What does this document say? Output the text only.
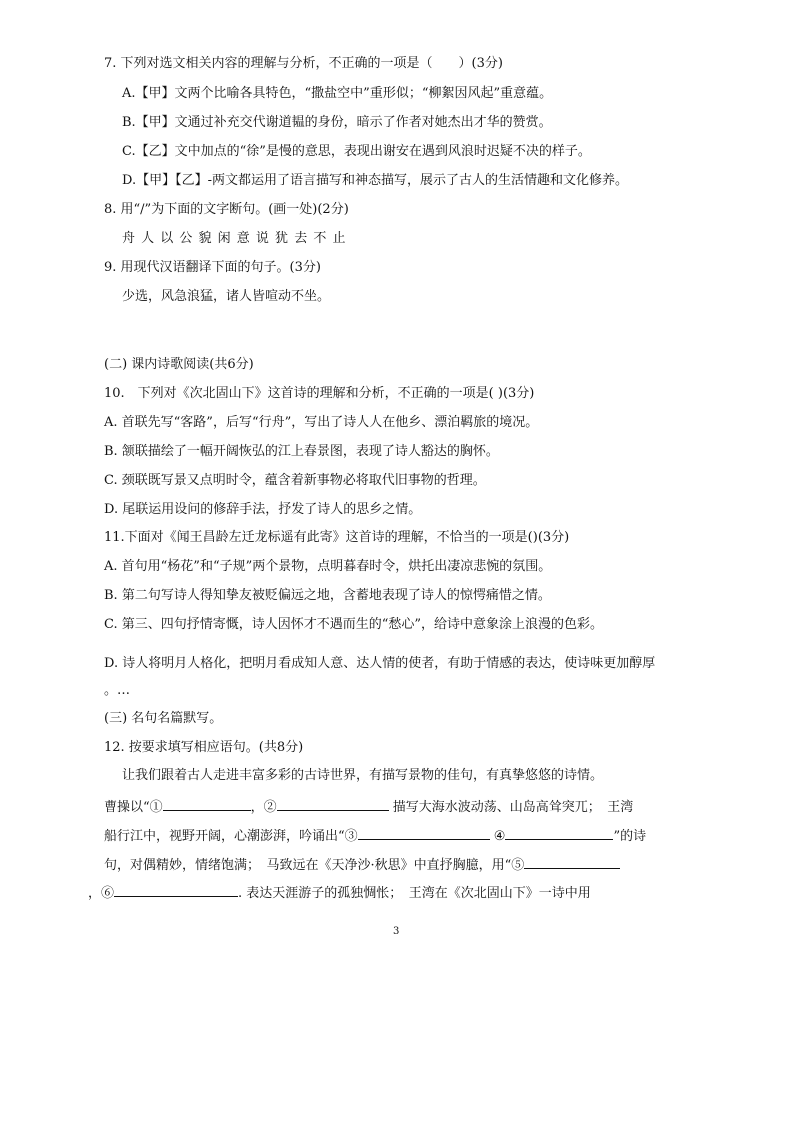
7. 下列对选文相关内容的理解与分析，不正确的一项是（　　）(3分)
A.【甲】文两个比喻各具特色，“撒盐空中”重形似；“柳絮因风起”重意蕴。
B.【甲】文通过补充交代谢道韫的身份，暗示了作者对她杰出才华的赞赏。
C.【乙】文中加点的“徐”是慢的意思，表现出谢安在遇到风浪时迟疑不决的样子。
D.【甲】【乙】-两文都运用了语言描写和神态描写，展示了古人的生活情趣和文化修养。
8. 用“/”为下面的文字断句。(画一处)(2分)
舟 人 以 公 貌 闲 意 说 犹 去 不 止
9. 用现代汉语翻译下面的句子。(3分)
少选，风急浪猛，诸人皆喧动不坐。
(二) 课内诗歌阅读(共6分)
10.　下列对《次北固山下》这首诗的理解和分析，不正确的一项是( )(3分)
A. 首联先写“客路”，后写“行舟”，写出了诗人人在他乡、漂泊羁旅的境况。
B. 颔联描绘了一幅开阔恢弘的江上春景图，表现了诗人豁达的胸怀。
C. 颈联既写景又点明时令，蕴含着新事物必将取代旧事物的哲理。
D. 尾联运用设问的修辞手法，抒发了诗人的思乡之情。
11.下面对《闻王昌龄左迁龙标遥有此寄》这首诗的理解，不恰当的一项是()(3分)
A. 首句用“杨花”和“子规”两个景物，点明暮春时令，烘托出凄凉悲惋的氛围。
B. 第二句写诗人得知挚友被贬偏远之地，含蓄地表现了诗人的惊愕痛惜之情。
C. 第三、四句抒情寄慨，诗人因怀才不遇而生的“愁心”，给诗中意象涂上浪漫的色彩。
D. 诗人将明月人格化，把明月看成知人意、达人情的使者，有助于情感的表达，使诗味更加醇厚
。…
(三) 名句名篇默写。
12. 按要求填写相应语句。(共8分)
让我们跟着古人走进丰富多彩的古诗世界，有描写景物的佳句，有真挚悠悠的诗情。
曹操以“①	，②	描写大海水波动荡、山岛高耸突兀；　王湾
船行江中，视野开阔，心潮澎湃，吟诵出“③	④	”的诗
句，对偶精妙，情绪饱满；　马致远在《天净沙·秋思》中直抒胸臆，用“⑤
，⑥	. 表达天涯游子的孤独惆怅；　王湾在《次北固山下》一诗中用
3
